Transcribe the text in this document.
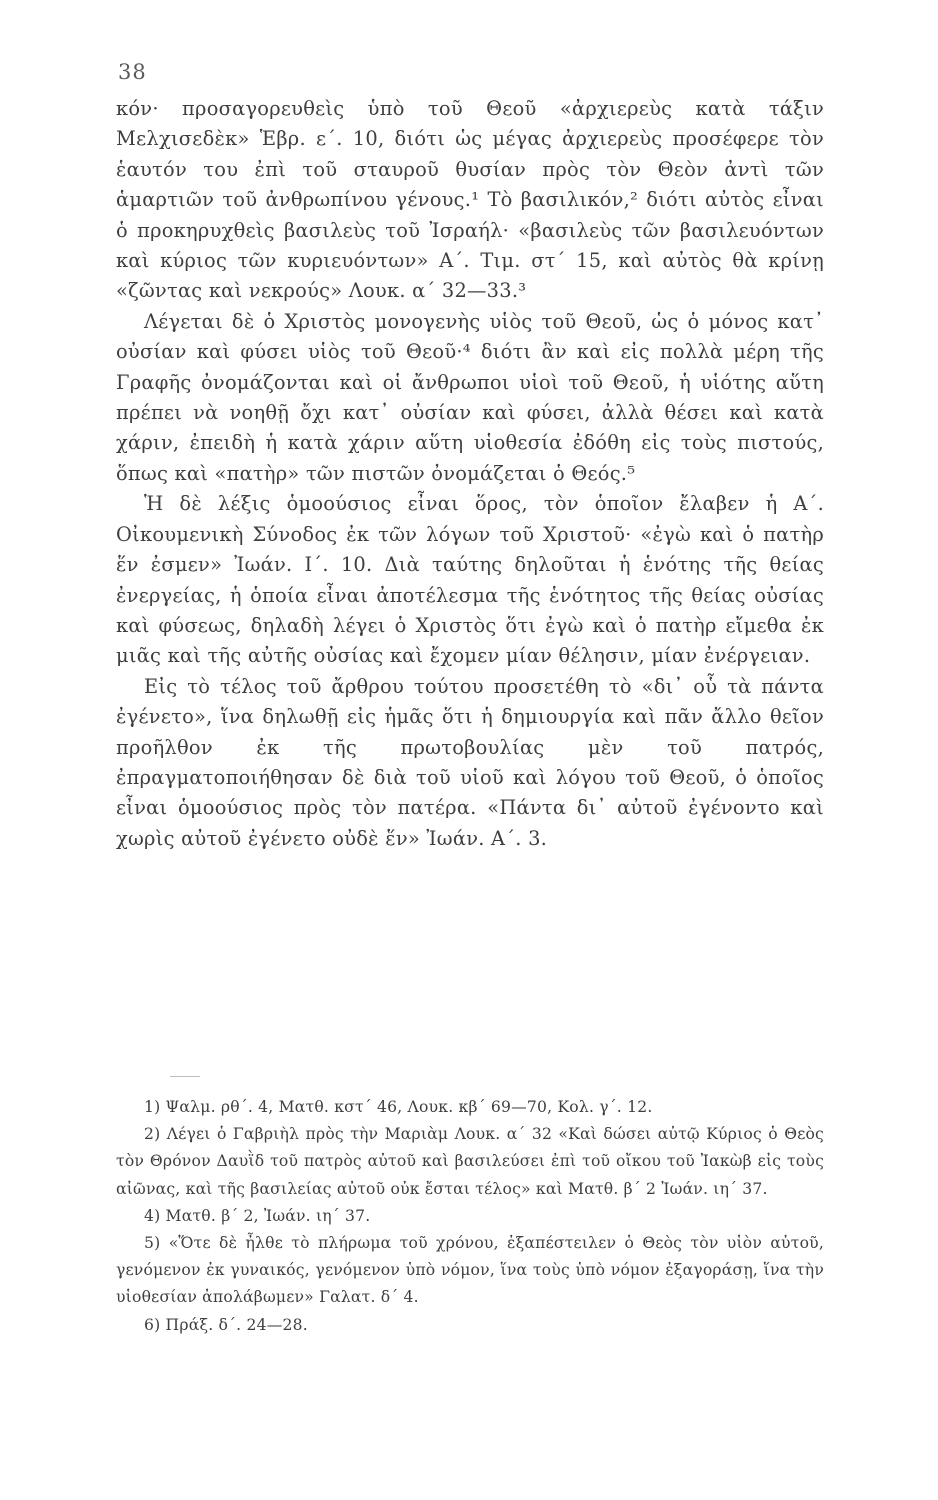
38

κόν· προσαγορευθεὶς ὑπὸ τοῦ Θεοῦ «ἀρχιερεὺς κατὰ τάξιν Μελχισεδὲκ» Ἑβρ. ε΄. 10, διότι ὡς μέγας ἀρχιερεὺς προσέφερε τὸν ἑαυτόν του ἐπὶ τοῦ σταυροῦ θυσίαν πρὸς τὸν Θεὸν ἀντὶ τῶν ἁμαρτιῶν τοῦ ἀνθρωπίνου γένους.¹ Τὸ βασιλικόν,² διότι αὐτὸς εἶναι ὁ προκηρυχθεὶς βασιλεὺς τοῦ Ἰσραήλ· «βασιλεὺς τῶν βασιλευόντων καὶ κύριος τῶν κυριευόντων» Α΄. Τιμ. στ΄ 15, καὶ αὐτὸς θὰ κρίνῃ «ζῶντας καὶ νεκρούς» Λουκ. α΄ 32—33.³

Λέγεται δὲ ὁ Χριστὸς μονογενὴς υἱὸς τοῦ Θεοῦ, ὡς ὁ μόνος κατ᾽ οὐσίαν καὶ φύσει υἱὸς τοῦ Θεοῦ·⁴ διότι ἂν καὶ εἰς πολλὰ μέρη τῆς Γραφῆς ὀνομάζονται καὶ οἱ ἄνθρωποι υἱοὶ τοῦ Θεοῦ, ἡ υἱότης αὕτη πρέπει νὰ νοηθῇ ὄχι κατ᾽ οὐσίαν καὶ φύσει, ἀλλὰ θέσει καὶ κατὰ χάριν, ἐπειδὴ ἡ κατὰ χάριν αὕτη υἱοθεσία ἐδόθη εἰς τοὺς πιστούς, ὅπως καὶ «πατὴρ» τῶν πιστῶν ὀνομάζεται ὁ Θεός.⁵

Ἡ δὲ λέξις ὁμοούσιος εἶναι ὅρος, τὸν ὁποῖον ἔλαβεν ἡ Α΄. Οἰκουμενικὴ Σύνοδος ἐκ τῶν λόγων τοῦ Χριστοῦ· «ἐγὼ καὶ ὁ πατὴρ ἕν ἐσμεν» Ἰωάν. Ι΄. 10. Διὰ ταύτης δηλοῦται ἡ ἑνότης τῆς θείας ἐνεργείας, ἡ ὁποία εἶναι ἀποτέλεσμα τῆς ἑνότητος τῆς θείας οὐσίας καὶ φύσεως, δηλαδὴ λέγει ὁ Χριστὸς ὅτι ἐγὼ καὶ ὁ πατὴρ εἴμεθα ἐκ μιᾶς καὶ τῆς αὐτῆς οὐσίας καὶ ἔχομεν μίαν θέλησιν, μίαν ἐνέργειαν.

Εἰς τὸ τέλος τοῦ ἄρθρου τούτου προσετέθη τὸ «δι᾽ οὗ τὰ πάντα ἐγένετο», ἵνα δηλωθῇ εἰς ἡμᾶς ὅτι ἡ δημιουργία καὶ πᾶν ἄλλο θεῖον προῆλθον ἐκ τῆς πρωτοβουλίας μὲν τοῦ πατρός, ἐπραγματοποιήθησαν δὲ διὰ τοῦ υἱοῦ καὶ λόγου τοῦ Θεοῦ, ὁ ὁποῖος εἶναι ὁμοούσιος πρὸς τὸν πατέρα. «Πάντα δι᾽ αὐτοῦ ἐγένοντο καὶ χωρὶς αὐτοῦ ἐγένετο οὐδὲ ἕν» Ἰωάν. Α΄. 3.

1) Ψαλμ. ρθ΄. 4, Ματθ. κστ΄ 46, Λουκ. κβ΄ 69—70, Κολ. γ΄. 12.

2) Λέγει ὁ Γαβριὴλ πρὸς τὴν Μαριὰμ Λουκ. α΄ 32 «Καὶ δώσει αὐτῷ Κύριος ὁ Θεὸς τὸν Θρόνον Δαυῒδ τοῦ πατρὸς αὐτοῦ καὶ βασιλεύσει ἐπὶ τοῦ οἴκου τοῦ Ἰακὼβ εἰς τοὺς αἰῶνας, καὶ τῆς βασιλείας αὐτοῦ οὐκ ἔσται τέλος» καὶ Ματθ. β΄ 2 Ἰωάν. ιη΄ 37.

4) Ματθ. β΄ 2, Ἰωάν. ιη΄ 37.

5) «Ὅτε δὲ ἦλθε τὸ πλήρωμα τοῦ χρόνου, ἐξαπέστειλεν ὁ Θεὸς τὸν υἱὸν αὐτοῦ, γενόμενον ἐκ γυναικός, γενόμενον ὑπὸ νόμον, ἵνα τοὺς ὑπὸ νόμον ἐξαγοράσῃ, ἵνα τὴν υἱοθεσίαν ἀπολάβωμεν» Γαλατ. δ΄ 4.

6) Πράξ. δ΄. 24—28.
